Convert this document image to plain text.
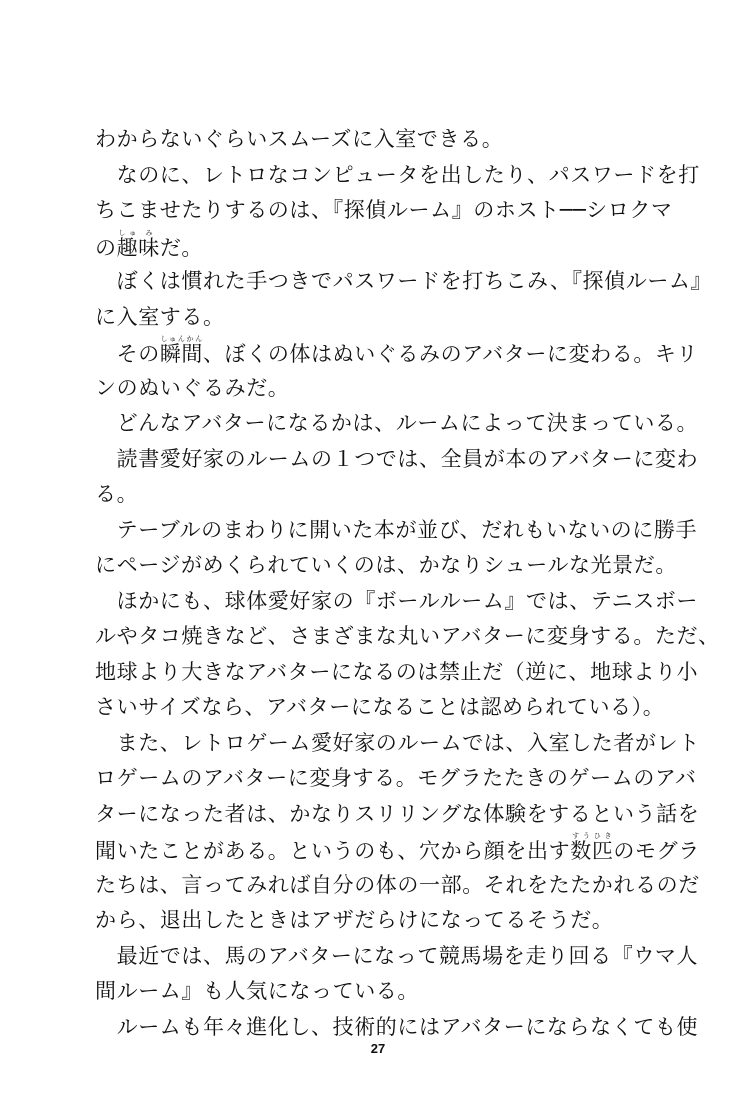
わからないぐらいスムーズに入室できる。
　なのに、レトロなコンピュータを出したり、パスワードを打
ちこませたりするのは、『探偵ルーム』のホスト──シロクマ
の趣しゅ味みだ。
　ぼくは慣れた手つきでパスワードを打ちこみ、『探偵ルーム』
に入室する。
　その瞬間しゅんかん、ぼくの体はぬいぐるみのアバターに変わる。キリ
ンのぬいぐるみだ。
　どんなアバターになるかは、ルームによって決まっている。
　読書愛好家のルームの１つでは、全員が本のアバターに変わ
る。
　テーブルのまわりに開いた本が並び、だれもいないのに勝手
にページがめくられていくのは、かなりシュールな光景だ。
　ほかにも、球体愛好家の『ボールルーム』では、テニスボー
ルやタコ焼きなど、さまざまな丸いアバターに変身する。ただ、
地球より大きなアバターになるのは禁止だ（逆に、地球より小
さいサイズなら、アバターになることは認められている）。
　また、レトロゲーム愛好家のルームでは、入室した者がレト
ロゲームのアバターに変身する。モグラたたきのゲームのアバ
ターになった者は、かなりスリリングな体験をするという話を
聞いたことがある。というのも、穴から顔を出す数すう匹ひきのモグラ
たちは、言ってみれば自分の体の一部。それをたたかれるのだ
から、退出したときはアザだらけになってるそうだ。
　最近では、馬のアバターになって競馬場を走り回る『ウマ人
間ルーム』も人気になっている。
　ルームも年々進化し、技術的にはアバターにならなくても使
27
